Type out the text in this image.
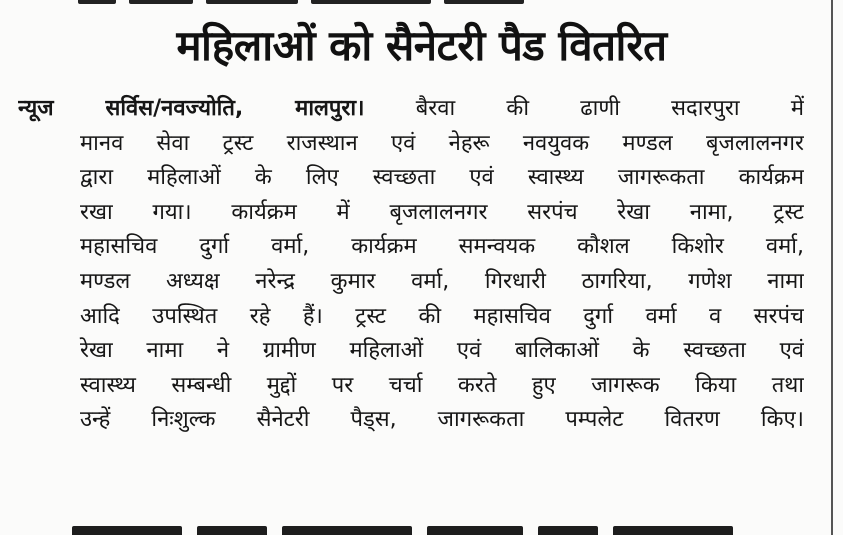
महिलाओं को सैनेटरी पैड वितरित
न्यूज सर्विस/नवज्योति, मालपुरा। बैरवा की ढाणी सदारपुरा में
मानव सेवा ट्रस्ट राजस्थान एवं नेहरू नवयुवक मण्डल बृजलालनगर
द्वारा महिलाओं के लिए स्वच्छता एवं स्वास्थ्य जागरूकता कार्यक्रम
रखा गया। कार्यक्रम में बृजलालनगर सरपंच रेखा नामा, ट्रस्ट
महासचिव दुर्गा वर्मा, कार्यक्रम समन्वयक कौशल किशोर वर्मा,
मण्डल अध्यक्ष नरेन्द्र कुमार वर्मा, गिरधारी ठागरिया, गणेश नामा
आदि उपस्थित रहे हैं। ट्रस्ट की महासचिव दुर्गा वर्मा व सरपंच
रेखा नामा ने ग्रामीण महिलाओं एवं बालिकाओं के स्वच्छता एवं
स्वास्थ्य सम्बन्धी मुद्दों पर चर्चा करते हुए जागरूक किया तथा
उन्हें निःशुल्क सैनेटरी पैड्स, जागरूकता पम्पलेट वितरण किए।
